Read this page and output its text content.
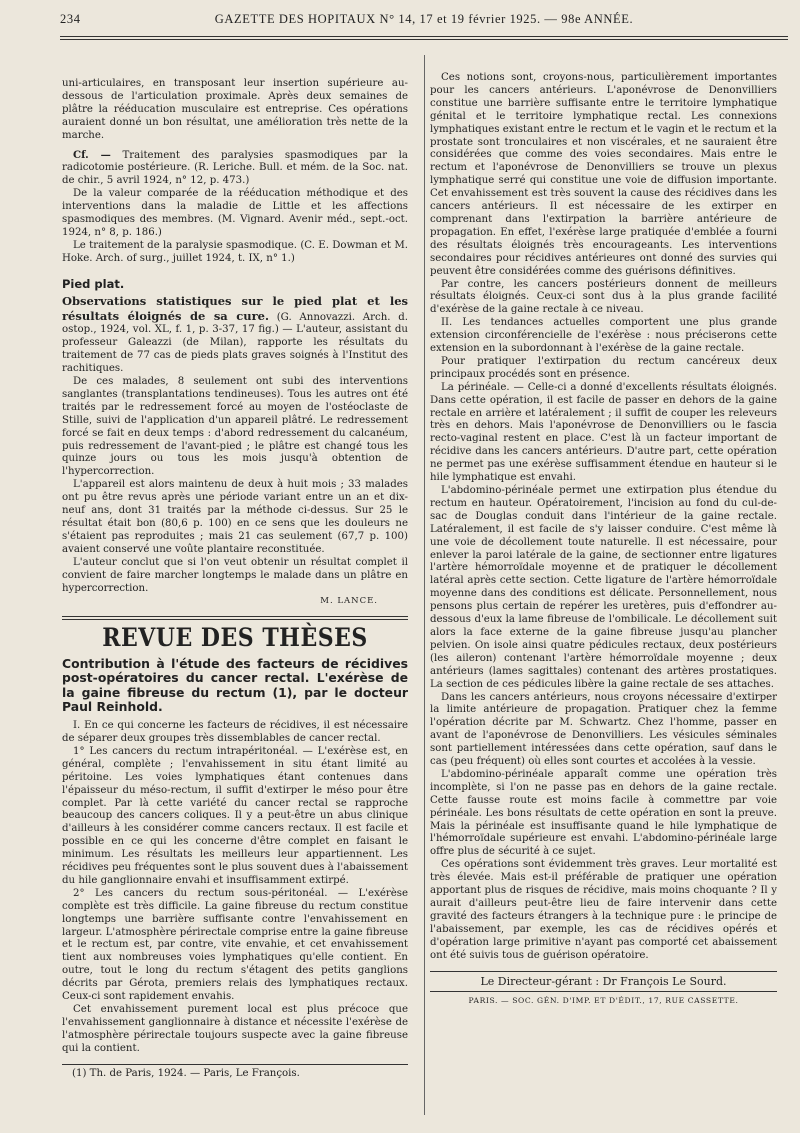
234	GAZETTE DES HOPITAUX N° 14, 17 et 19 février 1925. — 98e ANNÉE.

uni-articulaires, en transposant leur insertion supérieure au-dessous de l'articulation proximale. Après deux semaines de plâtre la rééducation musculaire est entreprise. Ces opérations auraient donné un bon résultat, une amélioration très nette de la marche.

Cf. — Traitement des paralysies spasmodiques par la radicotomie postérieure. (R. Leriche. Bull. et mém. de la Soc. nat. de chir., 5 avril 1924, n° 12, p. 473.)

De la valeur comparée de la rééducation méthodique et des interventions dans la maladie de Little et les affections spasmodiques des membres. (M. Vignard. Avenir méd., sept.-oct. 1924, n° 8, p. 186.)

Le traitement de la paralysie spasmodique. (C. E. Dowman et M. Hoke. Arch. of surg., juillet 1924, t. IX, n° 1.)

Pied plat.

Observations statistiques sur le pied plat et les résultats éloignés de sa cure. (G. Annovazzi. Arch. d. ostop., 1924, vol. XL, f. 1, p. 3-37, 17 fig.) — L'auteur, assistant du professeur Galeazzi (de Milan), rapporte les résultats du traitement de 77 cas de pieds plats graves soignés à l'Institut des rachitiques.

De ces malades, 8 seulement ont subi des interventions sanglantes (transplantations tendineuses). Tous les autres ont été traités par le redressement forcé au moyen de l'ostéoclaste de Stille, suivi de l'application d'un appareil plâtré. Le redressement forcé se fait en deux temps : d'abord redressement du calcanéum, puis redressement de l'avant-pied ; le plâtre est changé tous les quinze jours ou tous les mois jusqu'à obtention de l'hypercorrection.

L'appareil est alors maintenu de deux à huit mois ; 33 malades ont pu être revus après une période variant entre un an et dix-neuf ans, dont 31 traités par la méthode ci-dessus. Sur 25 le résultat était bon (80,6 p. 100) en ce sens que les douleurs ne s'étaient pas reproduites ; mais 21 cas seulement (67,7 p. 100) avaient conservé une voûte plantaire reconstituée.

L'auteur conclut que si l'on veut obtenir un résultat complet il convient de faire marcher longtemps le malade dans un plâtre en hypercorrection.

M. LANCE.
REVUE DES THÈSES
Contribution à l'étude des facteurs de récidives post-opératoires du cancer rectal. L'exérèse de la gaine fibreuse du rectum (1), par le docteur Paul Reinhold.

I. En ce qui concerne les facteurs de récidives, il est nécessaire de séparer deux groupes très dissemblables de cancer rectal.

1° Les cancers du rectum intrapéritonéal. — L'exérèse est, en général, complète ; l'envahissement in situ étant limité au péritoine. Les voies lymphatiques étant contenues dans l'épaisseur du méso-rectum, il suffit d'extirper le méso pour être complet. Par là cette variété du cancer rectal se rapproche beaucoup des cancers coliques. Il y a peut-être un abus clinique d'ailleurs à les considérer comme cancers rectaux. Il est facile et possible en ce qui les concerne d'être complet en faisant le minimum. Les résultats les meilleurs leur appartiennent. Les récidives peu fréquentes sont le plus souvent dues à l'abaissement du hile ganglionnaire envahi et insuffisamment extirpé.

2° Les cancers du rectum sous-péritonéal. — L'exérèse complète est très difficile. La gaine fibreuse du rectum constitue longtemps une barrière suffisante contre l'envahissement en largeur. L'atmosphère périrectale comprise entre la gaine fibreuse et le rectum est, par contre, vite envahie, et cet envahissement tient aux nombreuses voies lymphatiques qu'elle contient. En outre, tout le long du rectum s'étagent des petits ganglions décrits par Gérota, premiers relais des lymphatiques rectaux. Ceux-ci sont rapidement envahis.

Cet envahissement purement local est plus précoce que l'envahissement ganglionnaire à distance et nécessite l'exérèse de l'atmosphère périrectale toujours suspecte avec la gaine fibreuse qui la contient.

(1) Th. de Paris, 1924. — Paris, Le François.

Ces notions sont, croyons-nous, particulièrement importantes pour les cancers antérieurs. L'aponévrose de Denonvilliers constitue une barrière suffisante entre le territoire lymphatique génital et le territoire lymphatique rectal. Les connexions lymphatiques existant entre le rectum et le vagin et le rectum et la prostate sont tronculaires et non viscérales, et ne sauraient être considérées que comme des voies secondaires. Mais entre le rectum et l'aponévrose de Denonvilliers se trouve un plexus lymphatique serré qui constitue une voie de diffusion importante. Cet envahissement est très souvent la cause des récidives dans les cancers antérieurs. Il est nécessaire de les extirper en comprenant dans l'extirpation la barrière antérieure de propagation. En effet, l'exérèse large pratiquée d'emblée a fourni des résultats éloignés très encourageants. Les interventions secondaires pour récidives antérieures ont donné des survies qui peuvent être considérées comme des guérisons définitives.

Par contre, les cancers postérieurs donnent de meilleurs résultats éloignés. Ceux-ci sont dus à la plus grande facilité d'exérèse de la gaine rectale à ce niveau.

II. Les tendances actuelles comportent une plus grande extension circonférencielle de l'exérèse : nous préciserons cette extension en la subordonnant à l'exérèse de la gaine rectale.

Pour pratiquer l'extirpation du rectum cancéreux deux principaux procédés sont en présence.

La périnéale. — Celle-ci a donné d'excellents résultats éloignés. Dans cette opération, il est facile de passer en dehors de la gaine rectale en arrière et latéralement ; il suffit de couper les releveurs très en dehors. Mais l'aponévrose de Denonvilliers ou le fascia recto-vaginal restent en place. C'est là un facteur important de récidive dans les cancers antérieurs. D'autre part, cette opération ne permet pas une exérèse suffisamment étendue en hauteur si le hile lymphatique est envahi.

L'abdomino-périnéale permet une extirpation plus étendue du rectum en hauteur. Opératoirement, l'incision au fond du cul-de-sac de Douglas conduit dans l'intérieur de la gaine rectale. Latéralement, il est facile de s'y laisser conduire. C'est même là une voie de décollement toute naturelle. Il est nécessaire, pour enlever la paroi latérale de la gaine, de sectionner entre ligatures l'artère hémorroïdale moyenne et de pratiquer le décollement latéral après cette section. Cette ligature de l'artère hémorroïdale moyenne dans des conditions est délicate. Personnellement, nous pensons plus certain de repérer les uretères, puis d'effondrer au-dessous d'eux la lame fibreuse de l'ombilicale. Le décollement suit alors la face externe de la gaine fibreuse jusqu'au plancher pelvien. On isole ainsi quatre pédicules rectaux, deux postérieurs (les aileron) contenant l'artère hémorroïdale moyenne ; deux antérieurs (lames sagittales) contenant des artères prostatiques. La section de ces pédicules libère la gaine rectale de ses attaches.

Dans les cancers antérieurs, nous croyons nécessaire d'extirper la limite antérieure de propagation. Pratiquer chez la femme l'opération décrite par M. Schwartz. Chez l'homme, passer en avant de l'aponévrose de Denonvilliers. Les vésicules séminales sont partiellement intéressées dans cette opération, sauf dans le cas (peu fréquent) où elles sont courtes et accolées à la vessie.

L'abdomino-périnéale apparaît comme une opération très incomplète, si l'on ne passe pas en dehors de la gaine rectale. Cette fausse route est moins facile à commettre par voie périnéale. Les bons résultats de cette opération en sont la preuve. Mais la périnéale est insuffisante quand le hile lymphatique de l'hémorroïdale supérieure est envahi. L'abdomino-périnéale large offre plus de sécurité à ce sujet.

Ces opérations sont évidemment très graves. Leur mortalité est très élevée. Mais est-il préférable de pratiquer une opération apportant plus de risques de récidive, mais moins choquante ? Il y aurait d'ailleurs peut-être lieu de faire intervenir dans cette gravité des facteurs étrangers à la technique pure : le principe de l'abaissement, par exemple, les cas de récidives opérés et d'opération large primitive n'ayant pas comporté cet abaissement ont été suivis tous de guérison opératoire.

Le Directeur-gérant : Dr François Le Sourd.
PARIS. — SOC. GÉN. D'IMP. ET D'ÉDIT., 17, RUE CASSETTE.
